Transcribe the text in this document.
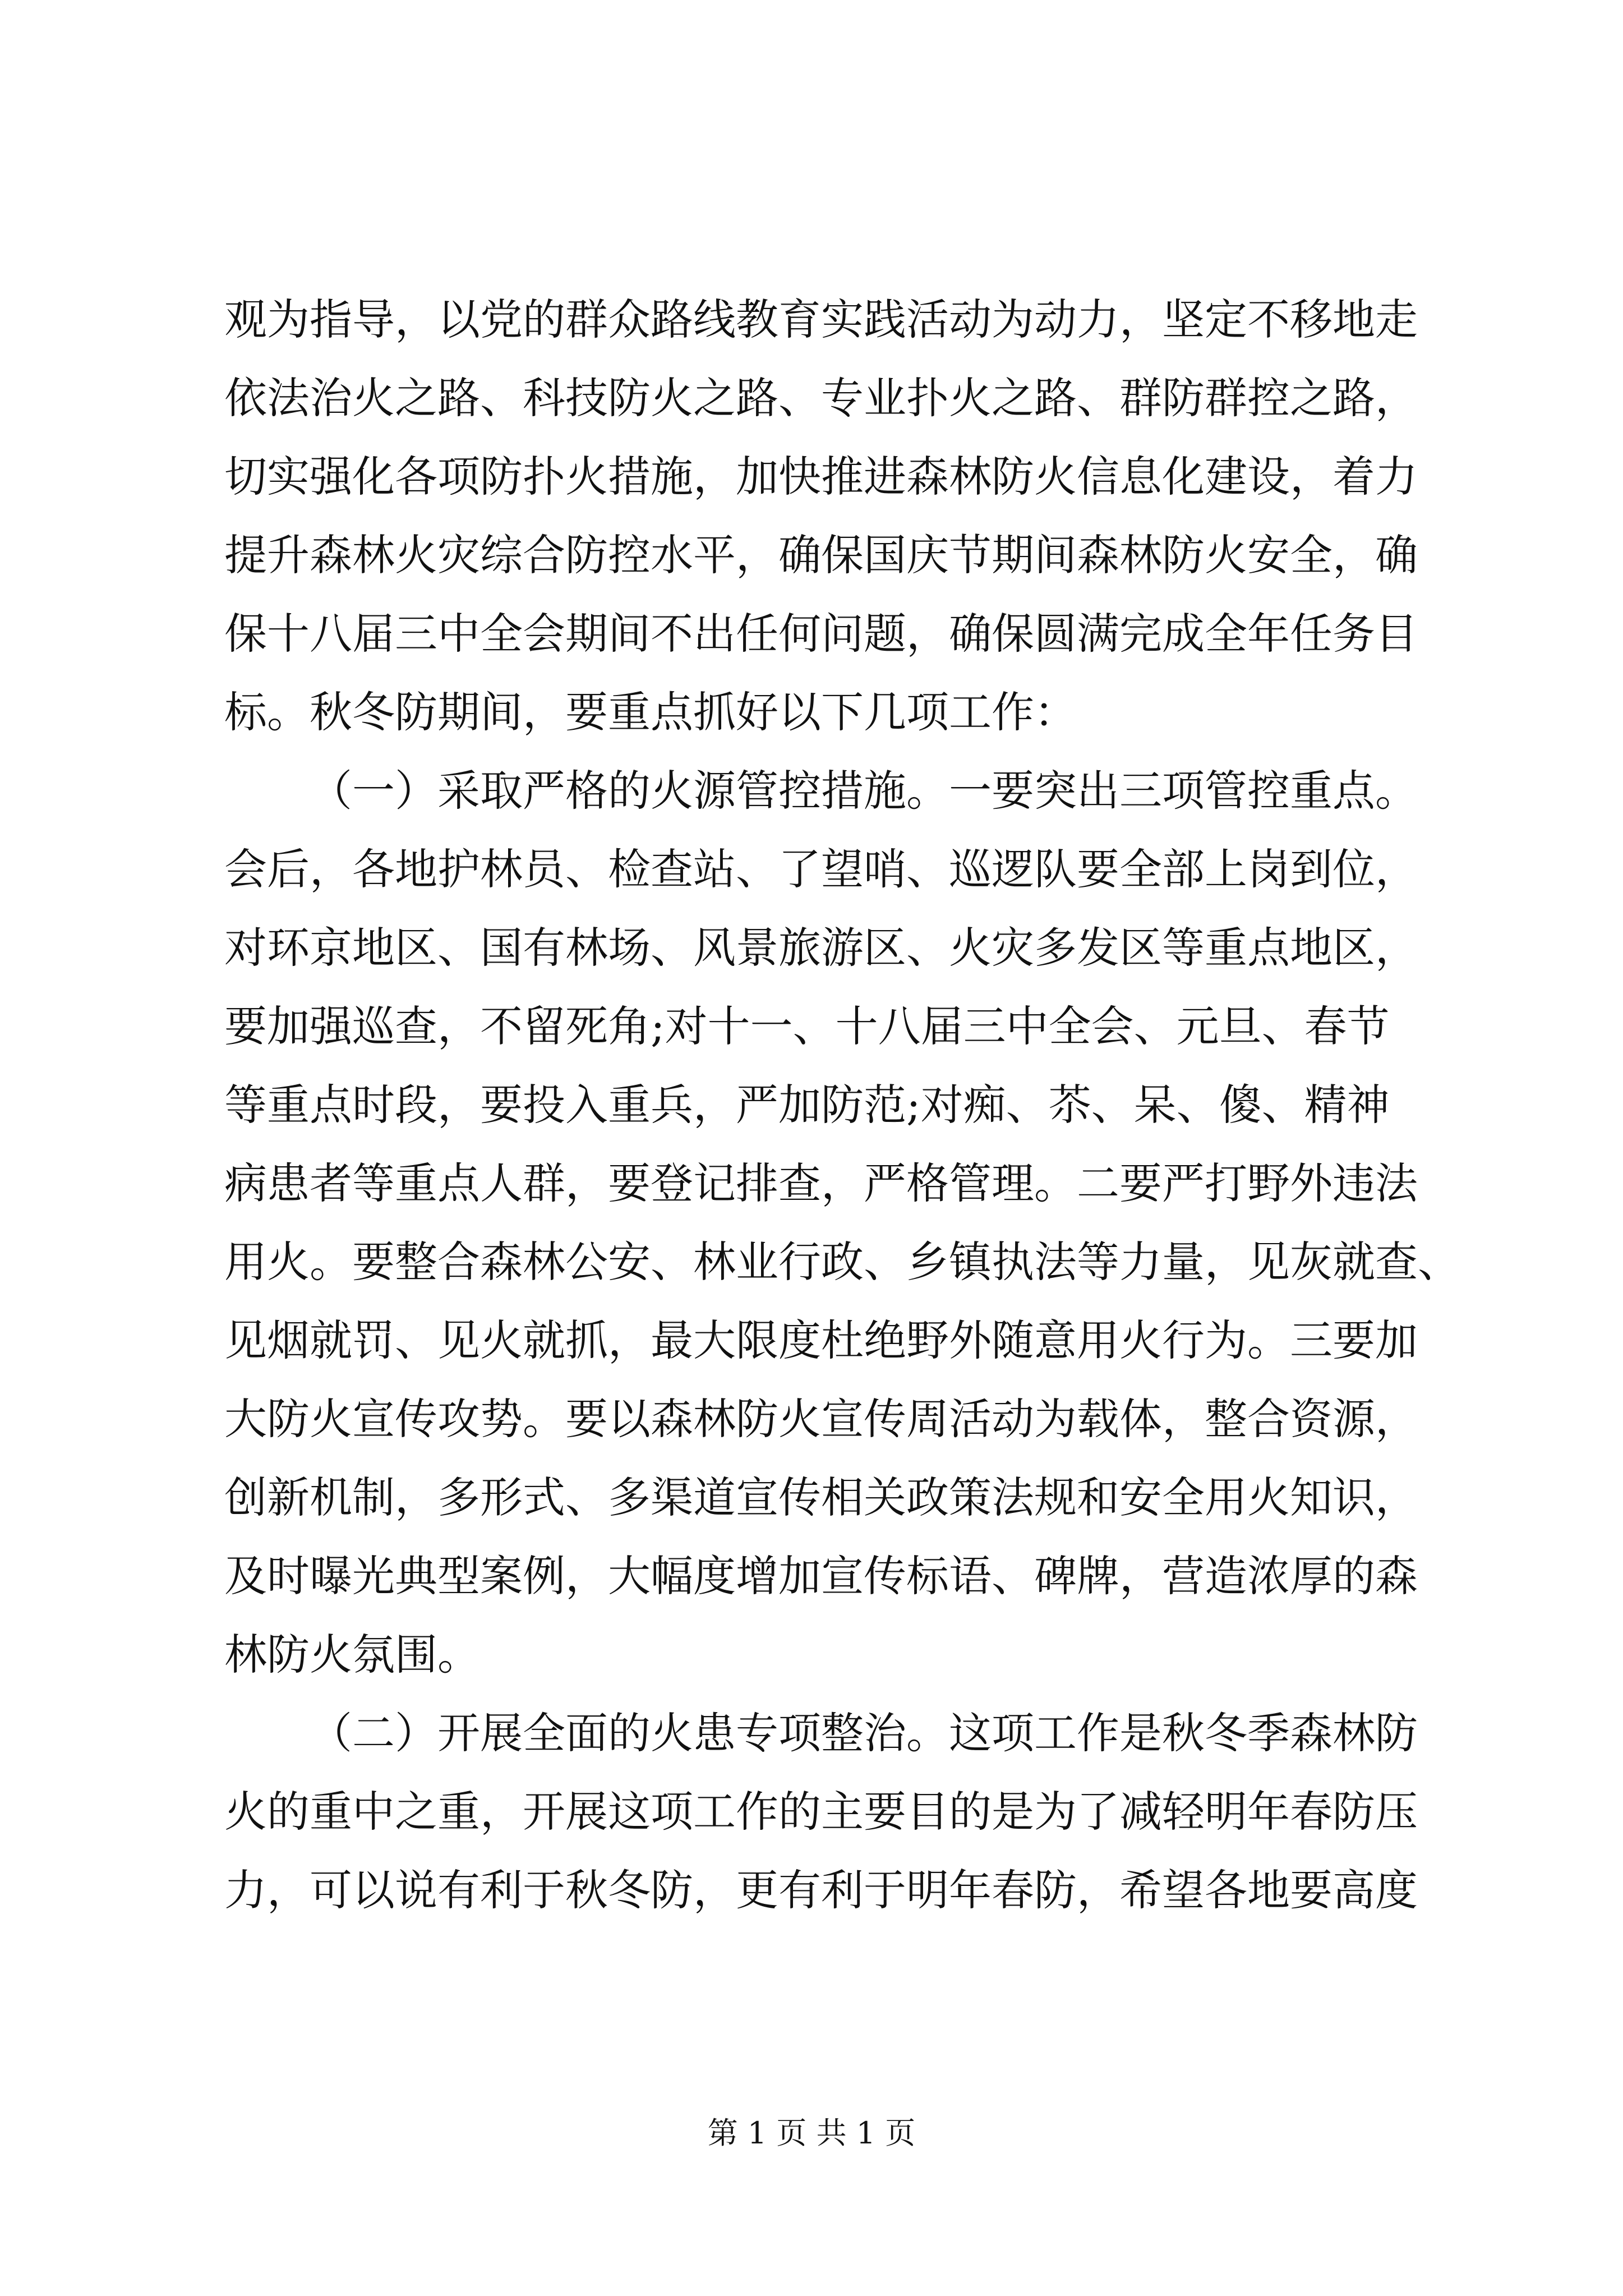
观为指导，以党的群众路线教育实践活动为动力，坚定不移地走
依法治火之路、科技防火之路、专业扑火之路、群防群控之路，
切实强化各项防扑火措施，加快推进森林防火信息化建设，着力
提升森林火灾综合防控水平，确保国庆节期间森林防火安全，确
保十八届三中全会期间不出任何问题，确保圆满完成全年任务目
标。秋冬防期间，要重点抓好以下几项工作：
（一）采取严格的火源管控措施。一要突出三项管控重点。
会后，各地护林员、检查站、了望哨、巡逻队要全部上岗到位，
对环京地区、国有林场、风景旅游区、火灾多发区等重点地区，
要加强巡查，不留死角;对十一、十八届三中全会、元旦、春节
等重点时段，要投入重兵，严加防范;对痴、苶、呆、傻、精神
病患者等重点人群，要登记排查，严格管理。二要严打野外违法
用火。要整合森林公安、林业行政、乡镇执法等力量，见灰就查、
见烟就罚、见火就抓，最大限度杜绝野外随意用火行为。三要加
大防火宣传攻势。要以森林防火宣传周活动为载体，整合资源，
创新机制，多形式、多渠道宣传相关政策法规和安全用火知识，
及时曝光典型案例，大幅度增加宣传标语、碑牌，营造浓厚的森
林防火氛围。
（二）开展全面的火患专项整治。这项工作是秋冬季森林防
火的重中之重，开展这项工作的主要目的是为了减轻明年春防压
力，可以说有利于秋冬防，更有利于明年春防，希望各地要高度
第 1 页 共 1 页
